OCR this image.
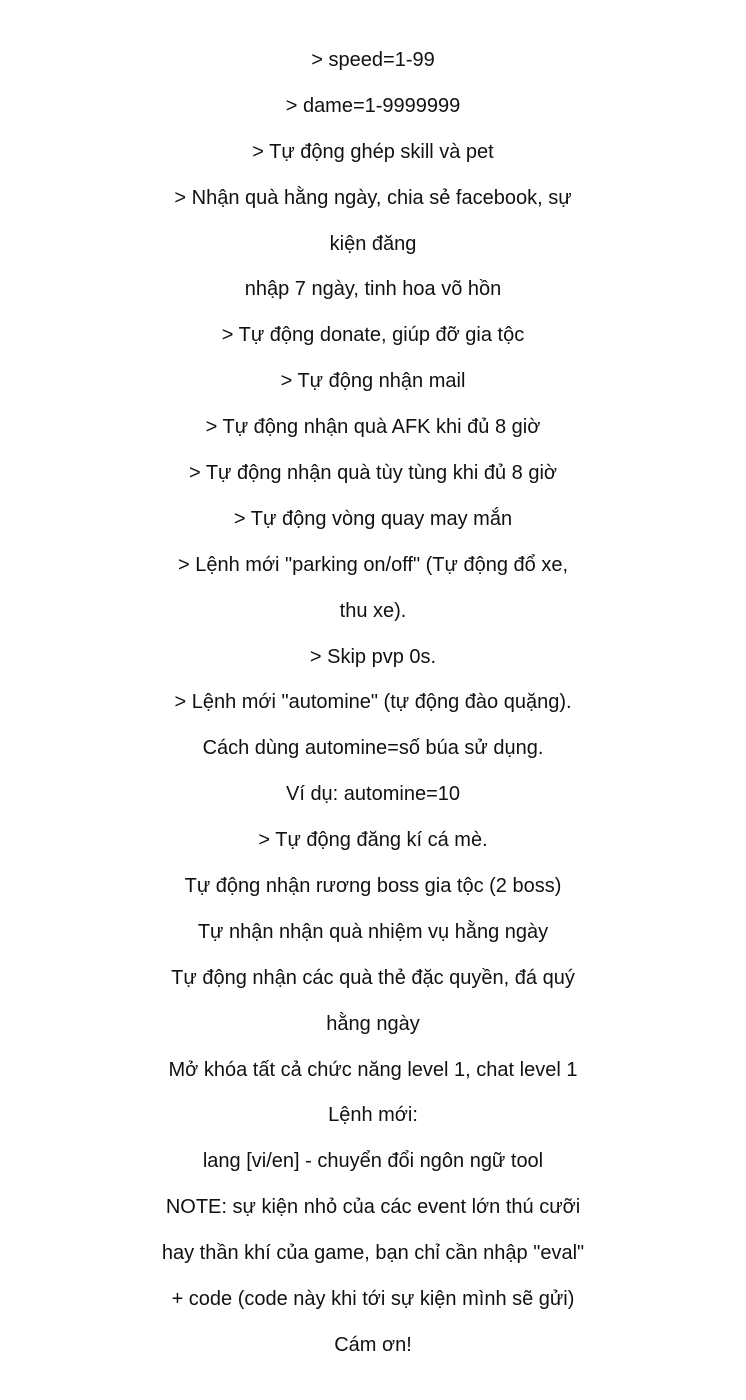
> speed=1-99
> dame=1-9999999
> Tự động ghép skill và pet
> Nhận quà hằng ngày, chia sẻ facebook, sự
kiện đăng
nhập 7 ngày, tinh hoa võ hồn
> Tự động donate, giúp đỡ gia tộc
> Tự động nhận mail
> Tự động nhận quà AFK khi đủ 8 giờ
> Tự động nhận quà tùy tùng khi đủ 8 giờ
> Tự động vòng quay may mắn
> Lệnh mới "parking on/off" (Tự động đổ xe,
thu xe).
> Skip pvp 0s.
> Lệnh mới "automine" (tự động đào quặng).
Cách dùng automine=số búa sử dụng.
Ví dụ: automine=10
> Tự động đăng kí cá mè.
Tự động nhận rương boss gia tộc (2 boss)
Tự nhận nhận quà nhiệm vụ hằng ngày
Tự động nhận các quà thẻ đặc quyền, đá quý
hằng ngày
Mở khóa tất cả chức năng level 1, chat level 1
Lệnh mới:
lang [vi/en] - chuyển đổi ngôn ngữ tool
NOTE: sự kiện nhỏ của các event lớn thú cưỡi
hay thần khí của game, bạn chỉ cần nhập "eval"
+ code (code này khi tới sự kiện mình sẽ gửi)
Cám ơn!
